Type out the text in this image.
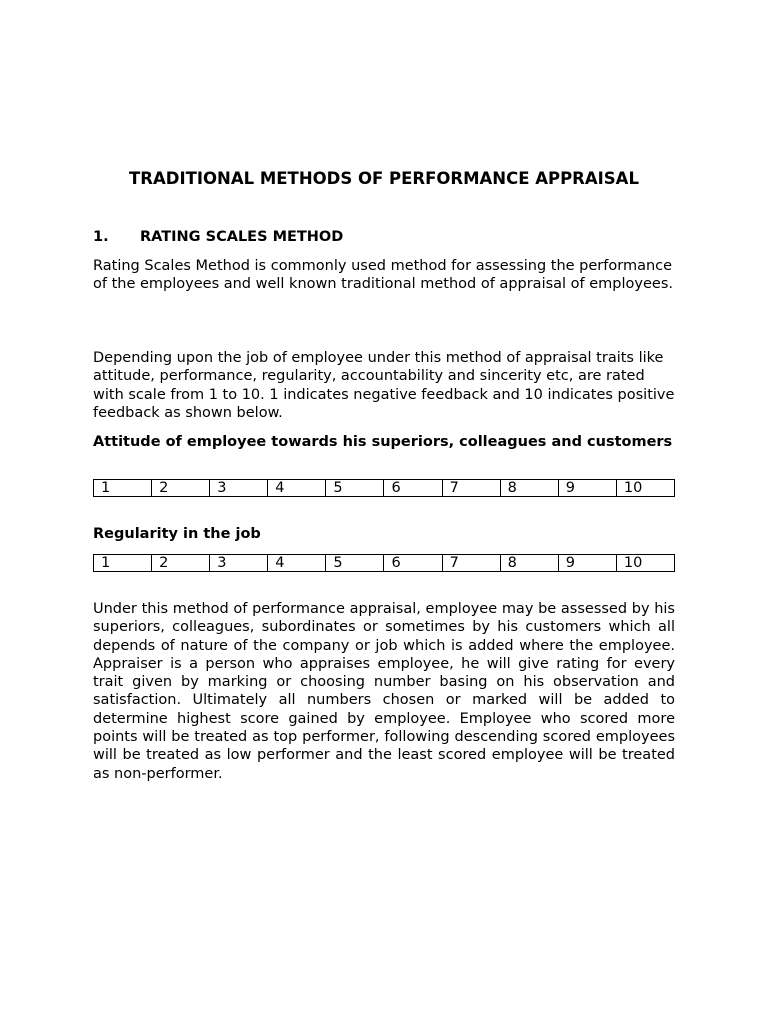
TRADITIONAL METHODS OF PERFORMANCE APPRAISAL
1. RATING SCALES METHOD
Rating Scales Method is commonly used method for assessing the performance of the employees and well known traditional method of appraisal of employees.
Depending upon the job of employee under this method of appraisal traits like attitude, performance, regularity, accountability and sincerity etc, are rated with scale from 1 to 10. 1 indicates negative feedback and 10 indicates positive feedback as shown below.
Attitude of employee towards his superiors, colleagues and customers
1	2	3	4	5	6	7	8	9	10
Regularity in the job
1	2	3	4	5	6	7	8	9	10
Under this method of performance appraisal, employee may be assessed by his superiors, colleagues, subordinates or sometimes by his customers which all depends of nature of the company or job which is added where the employee. Appraiser is a person who appraises employee, he will give rating for every trait given by marking or choosing number basing on his observation and satisfaction. Ultimately all numbers chosen or marked will be added to determine highest score gained by employee. Employee who scored more points will be treated as top performer, following descending scored employees will be treated as low performer and the least scored employee will be treated as non-performer.
